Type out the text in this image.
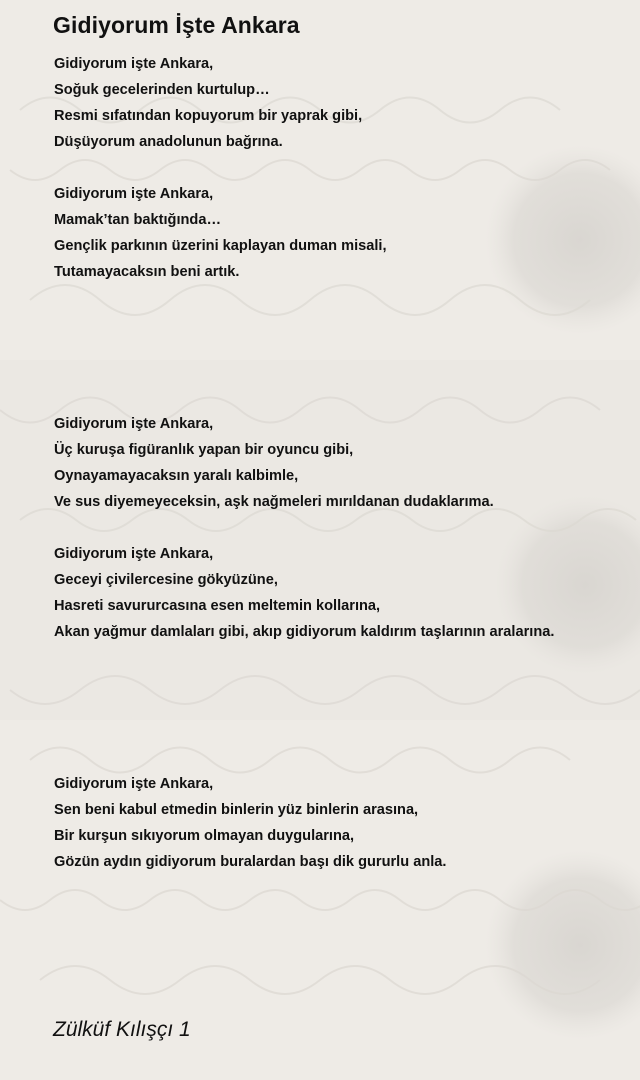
Gidiyorum İşte Ankara
Gidiyorum işte Ankara,
Soğuk gecelerinden kurtulup…
Resmi sıfatından kopuyorum bir yaprak gibi,
Düşüyorum anadolunun bağrına.
Gidiyorum işte Ankara,
Mamak’tan baktığında…
Gençlik parkının üzerini kaplayan duman misali,
Tutamayacaksın beni artık.
Gidiyorum işte Ankara,
Üç kuruşa figüranlık yapan bir oyuncu gibi,
Oynayamayacaksın yaralı kalbimle,
Ve sus diyemeyeceksin, aşk nağmeleri mırıldanan dudaklarıma.
Gidiyorum işte Ankara,
Geceyi çivilercesine gökyüzüne,
Hasreti savururcasına esen meltemin kollarına,
Akan yağmur damlaları gibi, akıp gidiyorum kaldırım taşlarının aralarına.
Gidiyorum işte Ankara,
Sen beni kabul etmedin binlerin yüz binlerin arasına,
Bir kurşun sıkıyorum olmayan duygularına,
Gözün aydın gidiyorum buralardan başı dik gururlu anla.
Zülküf Kılışçı 1
